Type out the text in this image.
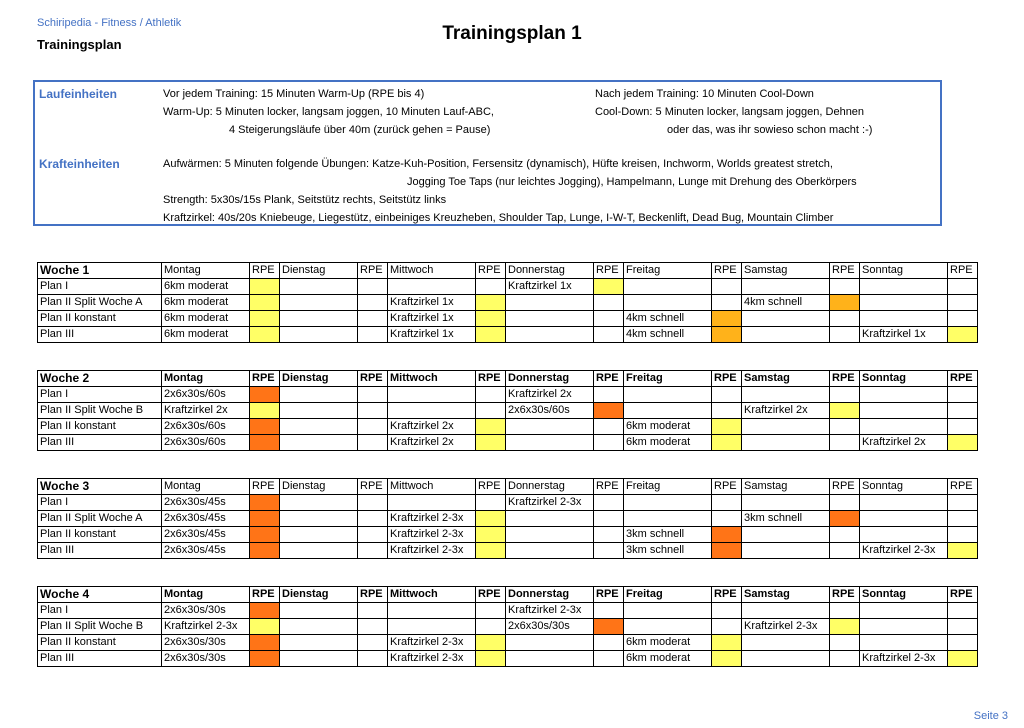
Schiripedia - Fitness / Athletik
Trainingsplan
Trainingsplan 1
Laufeinheiten	Vor jedem Training: 15 Minuten Warm-Up (RPE bis 4)
Warm-Up: 5 Minuten locker, langsam joggen, 10 Minuten Lauf-ABC,
4 Steigerungsläufe über 40m (zurück gehen = Pause)
Nach jedem Training: 10 Minuten Cool-Down
Cool-Down: 5 Minuten locker, langsam joggen, Dehnen
oder das, was ihr sowieso schon macht :-)
Krafteinheiten	Aufwärmen: 5 Minuten folgende Übungen: Katze-Kuh-Position, Fersensitz (dynamisch), Hüfte kreisen, Inchworm, Worlds greatest stretch,
Jogging Toe Taps (nur leichtes Jogging), Hampelmann, Lunge mit Drehung des Oberkörpers
Strength: 5x30s/15s Plank, Seitstütz rechts, Seitstütz links
Kraftzirkel: 40s/20s Kniebeuge, Liegestütz, einbeiniges Kreuzheben, Shoulder Tap, Lunge, I-W-T, Beckenlift, Dead Bug, Mountain Climber
Woche 1	Montag	RPE	Dienstag	RPE	Mittwoch	RPE	Donnerstag	RPE	Freitag	RPE	Samstag	RPE	Sonntag	RPE
Plan I	6km moderat						Kraftzirkel 1x							
Plan II Split Woche A	6km moderat				Kraftzirkel 1x						4km schnell			
Plan II konstant	6km moderat				Kraftzirkel 1x				4km schnell					
Plan III	6km moderat				Kraftzirkel 1x				4km schnell				Kraftzirkel 1x	
Woche 2	Montag	RPE	Dienstag	RPE	Mittwoch	RPE	Donnerstag	RPE	Freitag	RPE	Samstag	RPE	Sonntag	RPE
Plan I	2x6x30s/60s						Kraftzirkel 2x							
Plan II Split Woche B	Kraftzirkel 2x						2x6x30s/60s				Kraftzirkel 2x			
Plan II konstant	2x6x30s/60s				Kraftzirkel 2x				6km moderat					
Plan III	2x6x30s/60s				Kraftzirkel 2x				6km moderat				Kraftzirkel 2x	
Woche 3	Montag	RPE	Dienstag	RPE	Mittwoch	RPE	Donnerstag	RPE	Freitag	RPE	Samstag	RPE	Sonntag	RPE
Plan I	2x6x30s/45s						Kraftzirkel 2-3x							
Plan II Split Woche A	2x6x30s/45s				Kraftzirkel 2-3x						3km schnell			
Plan II konstant	2x6x30s/45s				Kraftzirkel 2-3x				3km schnell					
Plan III	2x6x30s/45s				Kraftzirkel 2-3x				3km schnell				Kraftzirkel 2-3x	
Woche 4	Montag	RPE	Dienstag	RPE	Mittwoch	RPE	Donnerstag	RPE	Freitag	RPE	Samstag	RPE	Sonntag	RPE
Plan I	2x6x30s/30s						Kraftzirkel 2-3x							
Plan II Split Woche B	Kraftzirkel 2-3x						2x6x30s/30s				Kraftzirkel 2-3x			
Plan II konstant	2x6x30s/30s				Kraftzirkel 2-3x				6km moderat					
Plan III	2x6x30s/30s				Kraftzirkel 2-3x				6km moderat				Kraftzirkel 2-3x	
Seite 3
